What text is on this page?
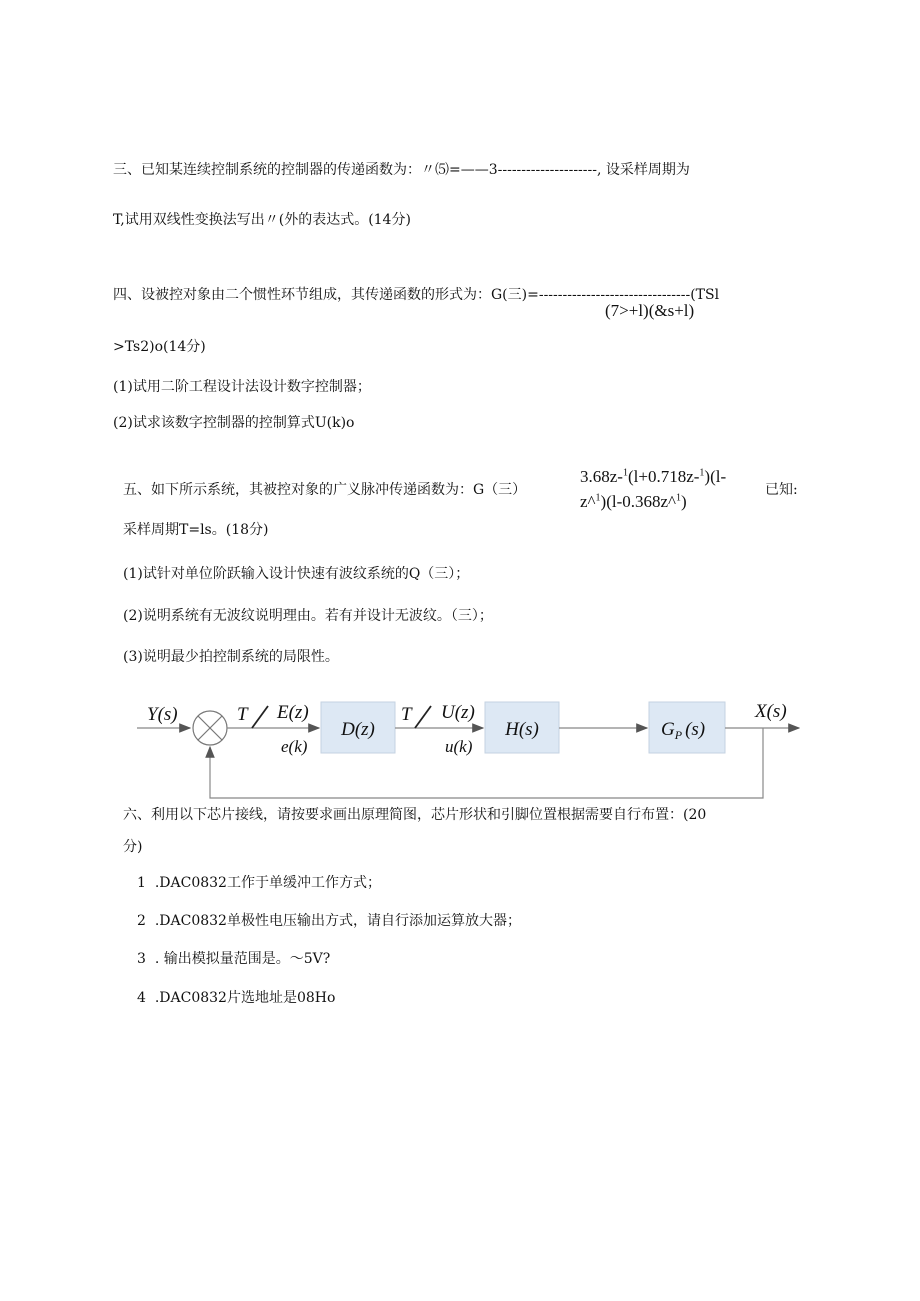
三、已知某连续控制系统的控制器的传递函数为：〃⑸=——3---------------------, 设采样周期为
T,试用双线性变换法写出〃(外的表达式。(14分)
四、设被控对象由二个惯性环节组成，其传递函数的形式为：G(三)=--------------------------------(TSl
(7>+l)(&s+l)
>Ts2)o(14分)
(1)试用二阶工程设计法设计数字控制器；
(2)试求该数字控制器的控制算式U(k)o
五、如下所示系统，其被控对象的广义脉冲传递函数为：G（三）
3.68z-$^1$(l+0.718z-$^1$)(l-
z^$^1$)(l-0.368z^$^1$)
已知:
采样周期T=ls。(18分)
(1)试针对单位阶跃输入设计快速有波纹系统的Q（三）；
(2)说明系统有无波纹说明理由。若有并设计无波纹。（三）；
(3)说明最少拍控制系统的局限性。
Y(s)	T E(z)
e(k)
D(z)
T U(z)
u(k)
H(s)	$G_P$ (s)
X(s)
六、利用以下芯片接线，请按要求画出原理简图，芯片形状和引脚位置根据需要自行布置：(20
分)
1 .DAC0832工作于单缓冲工作方式；
2 .DAC0832单极性电压输出方式，请自行添加运算放大器；
3 . 输出模拟量范围是。～5V?
4 .DAC0832片选地址是08Ho
